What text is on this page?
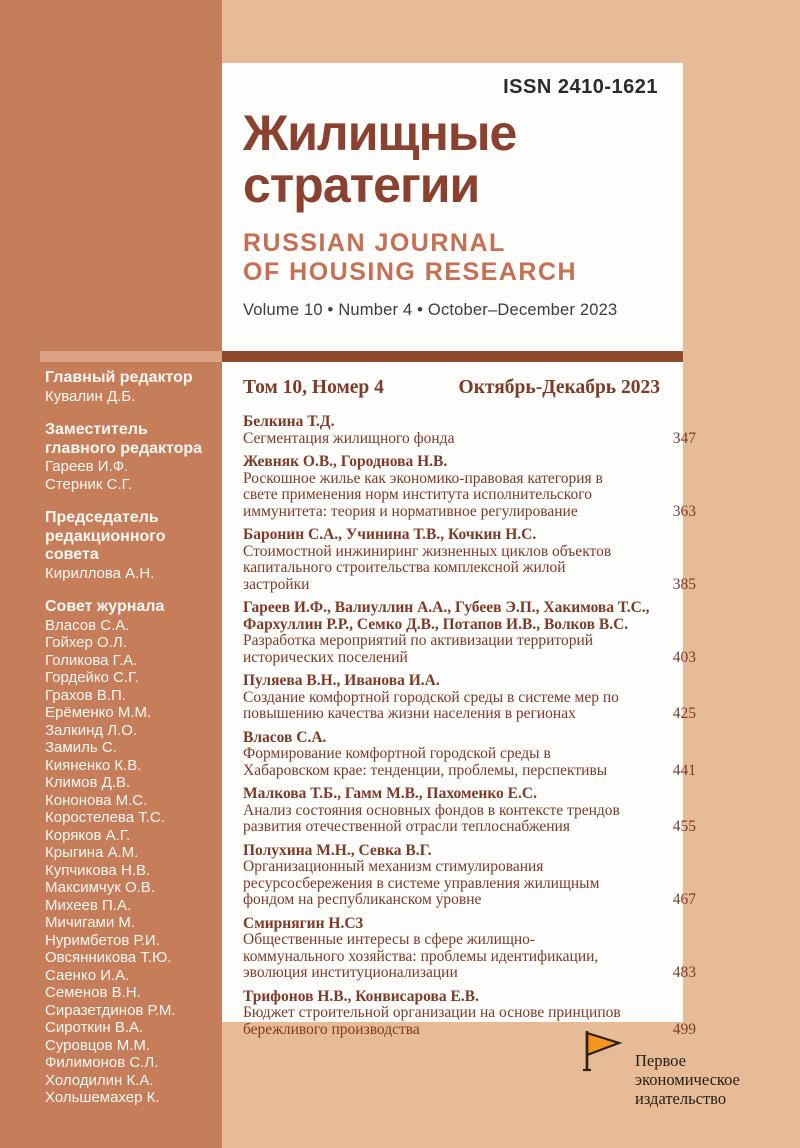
ISSN 2410-1621
Жилищные
стратегии
RUSSIAN JOURNAL
OF HOUSING RESEARCH
Volume 10 • Number 4 • October–December 2023
Том 10, Номер 4	Октябрь-Декабрь 2023
Белкина Т.Д.
Сегментация жилищного фонда	347
Жевняк О.В., Городнова Н.В.
Роскошное жилье как экономико-правовая категория в свете применения норм института исполнительского иммунитета: теория и нормативное регулирование	363
Баронин С.А., Учинина Т.В., Кочкин Н.С.
Стоимостной инжиниринг жизненных циклов объектов капитального строительства комплексной жилой застройки	385
Гареев И.Ф., Валиуллин А.А., Губеев Э.П., Хакимова Т.С., Фархуллин Р.Р., Семко Д.В., Потапов И.В., Волков В.С.
Разработка мероприятий по активизации территорий исторических поселений	403
Пуляева В.Н., Иванова И.А.
Создание комфортной городской среды в системе мер по повышению качества жизни населения в регионах	425
Власов С.А.
Формирование комфортной городской среды в Хабаровском крае: тенденции, проблемы, перспективы	441
Малкова Т.Б., Гамм М.В., Пахоменко Е.С.
Анализ состояния основных фондов в контексте трендов развития отечественной отрасли теплоснабжения	455
Полухина М.Н., Севка В.Г.
Организационный механизм стимулирования ресурсосбережения в системе управления жилищным фондом на республиканском уровне	467
Смирнягин Н.С3
Общественные интересы в сфере жилищно-коммунального хозяйства: проблемы идентификации, эволюция институционализации	483
Трифонов Н.В., Конвисарова Е.В.
Бюджет строительной организации на основе принципов бережливого производства	499
Главный редактор
Кувалин Д.Б.
Заместитель главного редактора
Гареев И.Ф.
Стерник С.Г.
Председатель редакционного совета
Кириллова А.Н.
Совет журнала
Власов С.А.
Гойхер О.Л.
Голикова Г.А.
Гордейко С.Г.
Грахов В.П.
Ерёменко М.М.
Залкинд Л.О.
Замиль С.
Кияненко К.В.
Климов Д.В.
Кононова М.С.
Коростелева Т.С.
Коряков А.Г.
Крыгина А.М.
Купчикова Н.В.
Максимчук О.В.
Михеев П.А.
Мичигами М.
Нуримбетов Р.И.
Овсянникова Т.Ю.
Саенко И.А.
Семенов В.Н.
Сиразетдинов Р.М.
Сироткин В.А.
Суровцов М.М.
Филимонов С.Л.
Холодилин К.А.
Хольшемахер К.
Первое
экономическое
издательство
